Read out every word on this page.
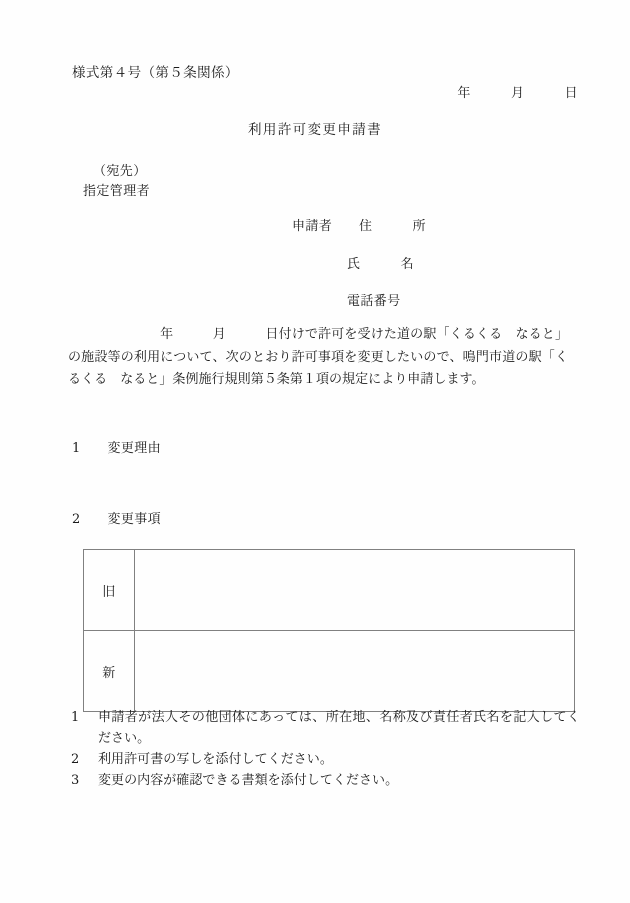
様式第４号（第５条関係）
年　　　月　　　日
利用許可変更申請書
（宛先）
指定管理者
申請者　　住　　　所
氏　　　名
電話番号
　　　　　　　年　　　月　　　日付けで許可を受けた道の駅「くるくる　なると」の施設等の利用について、次のとおり許可事項を変更したいので、鳴門市道の駅「くるくる　なると」条例施行規則第５条第１項の規定により申請します。
1　　変更理由
2　　変更事項
旧	
新	
1 申請者が法人その他団体にあっては、所在地、名称及び責任者氏名を記入してください。
2 利用許可書の写しを添付してください。
3 変更の内容が確認できる書類を添付してください。
